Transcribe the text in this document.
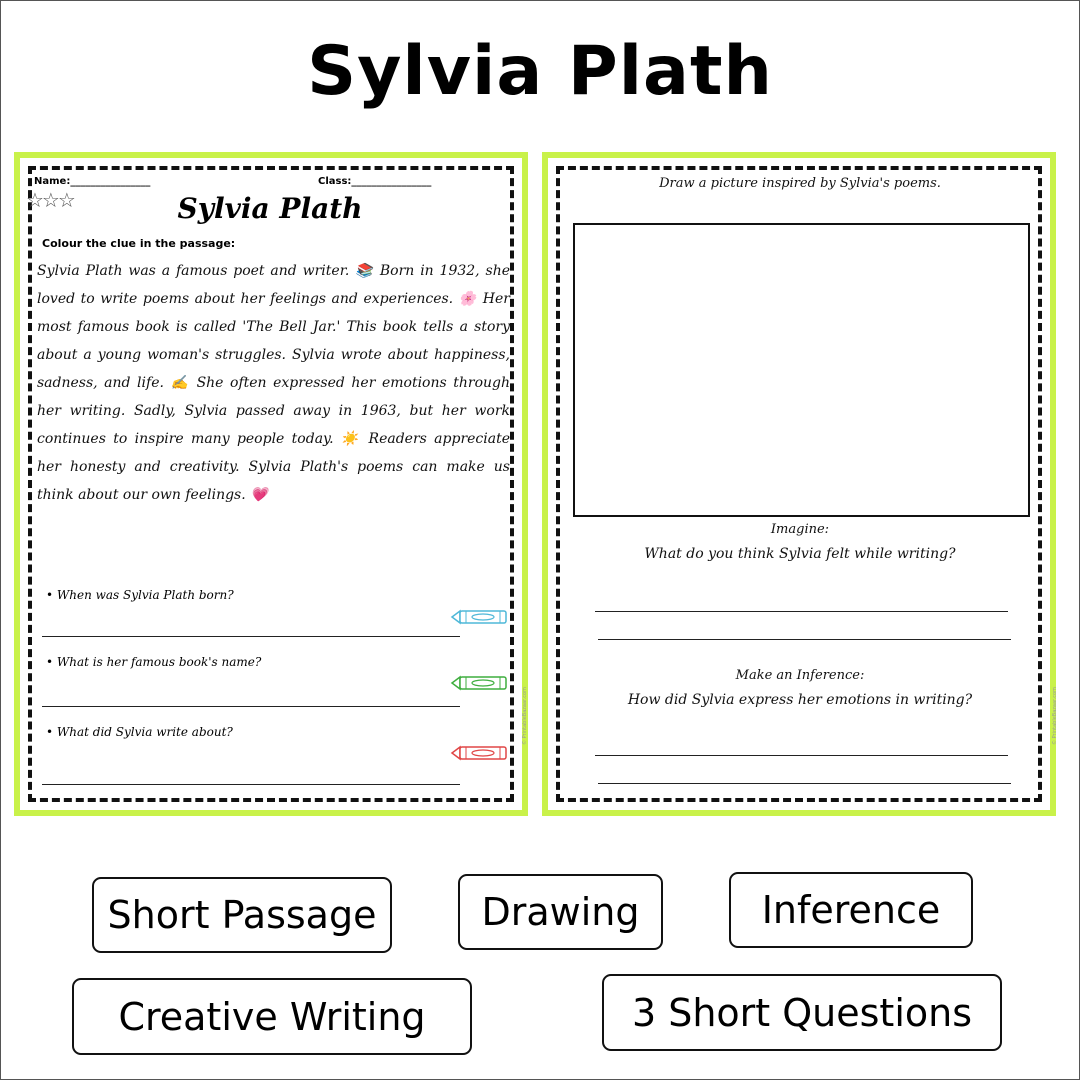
Sylvia Plath
Name:________________	Class:________________
☆☆☆	Sylvia Plath
Colour the clue in the passage:
Sylvia Plath was a famous poet and writer. 📚 Born in 1932, she loved to write poems about her feelings and experiences. 🌸 Her most famous book is called 'The Bell Jar.' This book tells a story about a young woman's struggles. Sylvia wrote about happiness, sadness, and life. ✍️ She often expressed her emotions through her writing. Sadly, Sylvia passed away in 1963, but her work continues to inspire many people today. ☀️ Readers appreciate her honesty and creativity. Sylvia Plath's poems can make us think about our own feelings. 💗
• When was Sylvia Plath born?
• What is her famous book's name?
• What did Sylvia write about?	© PrintableBazaar.com
Draw a picture inspired by Sylvia's poems.
Imagine:
What do you think Sylvia felt while writing?
Make an Inference:
How did Sylvia express her emotions in writing?	© PrintableBazaar.com
Short Passage	Drawing	Inference
Creative Writing	3 Short Questions
